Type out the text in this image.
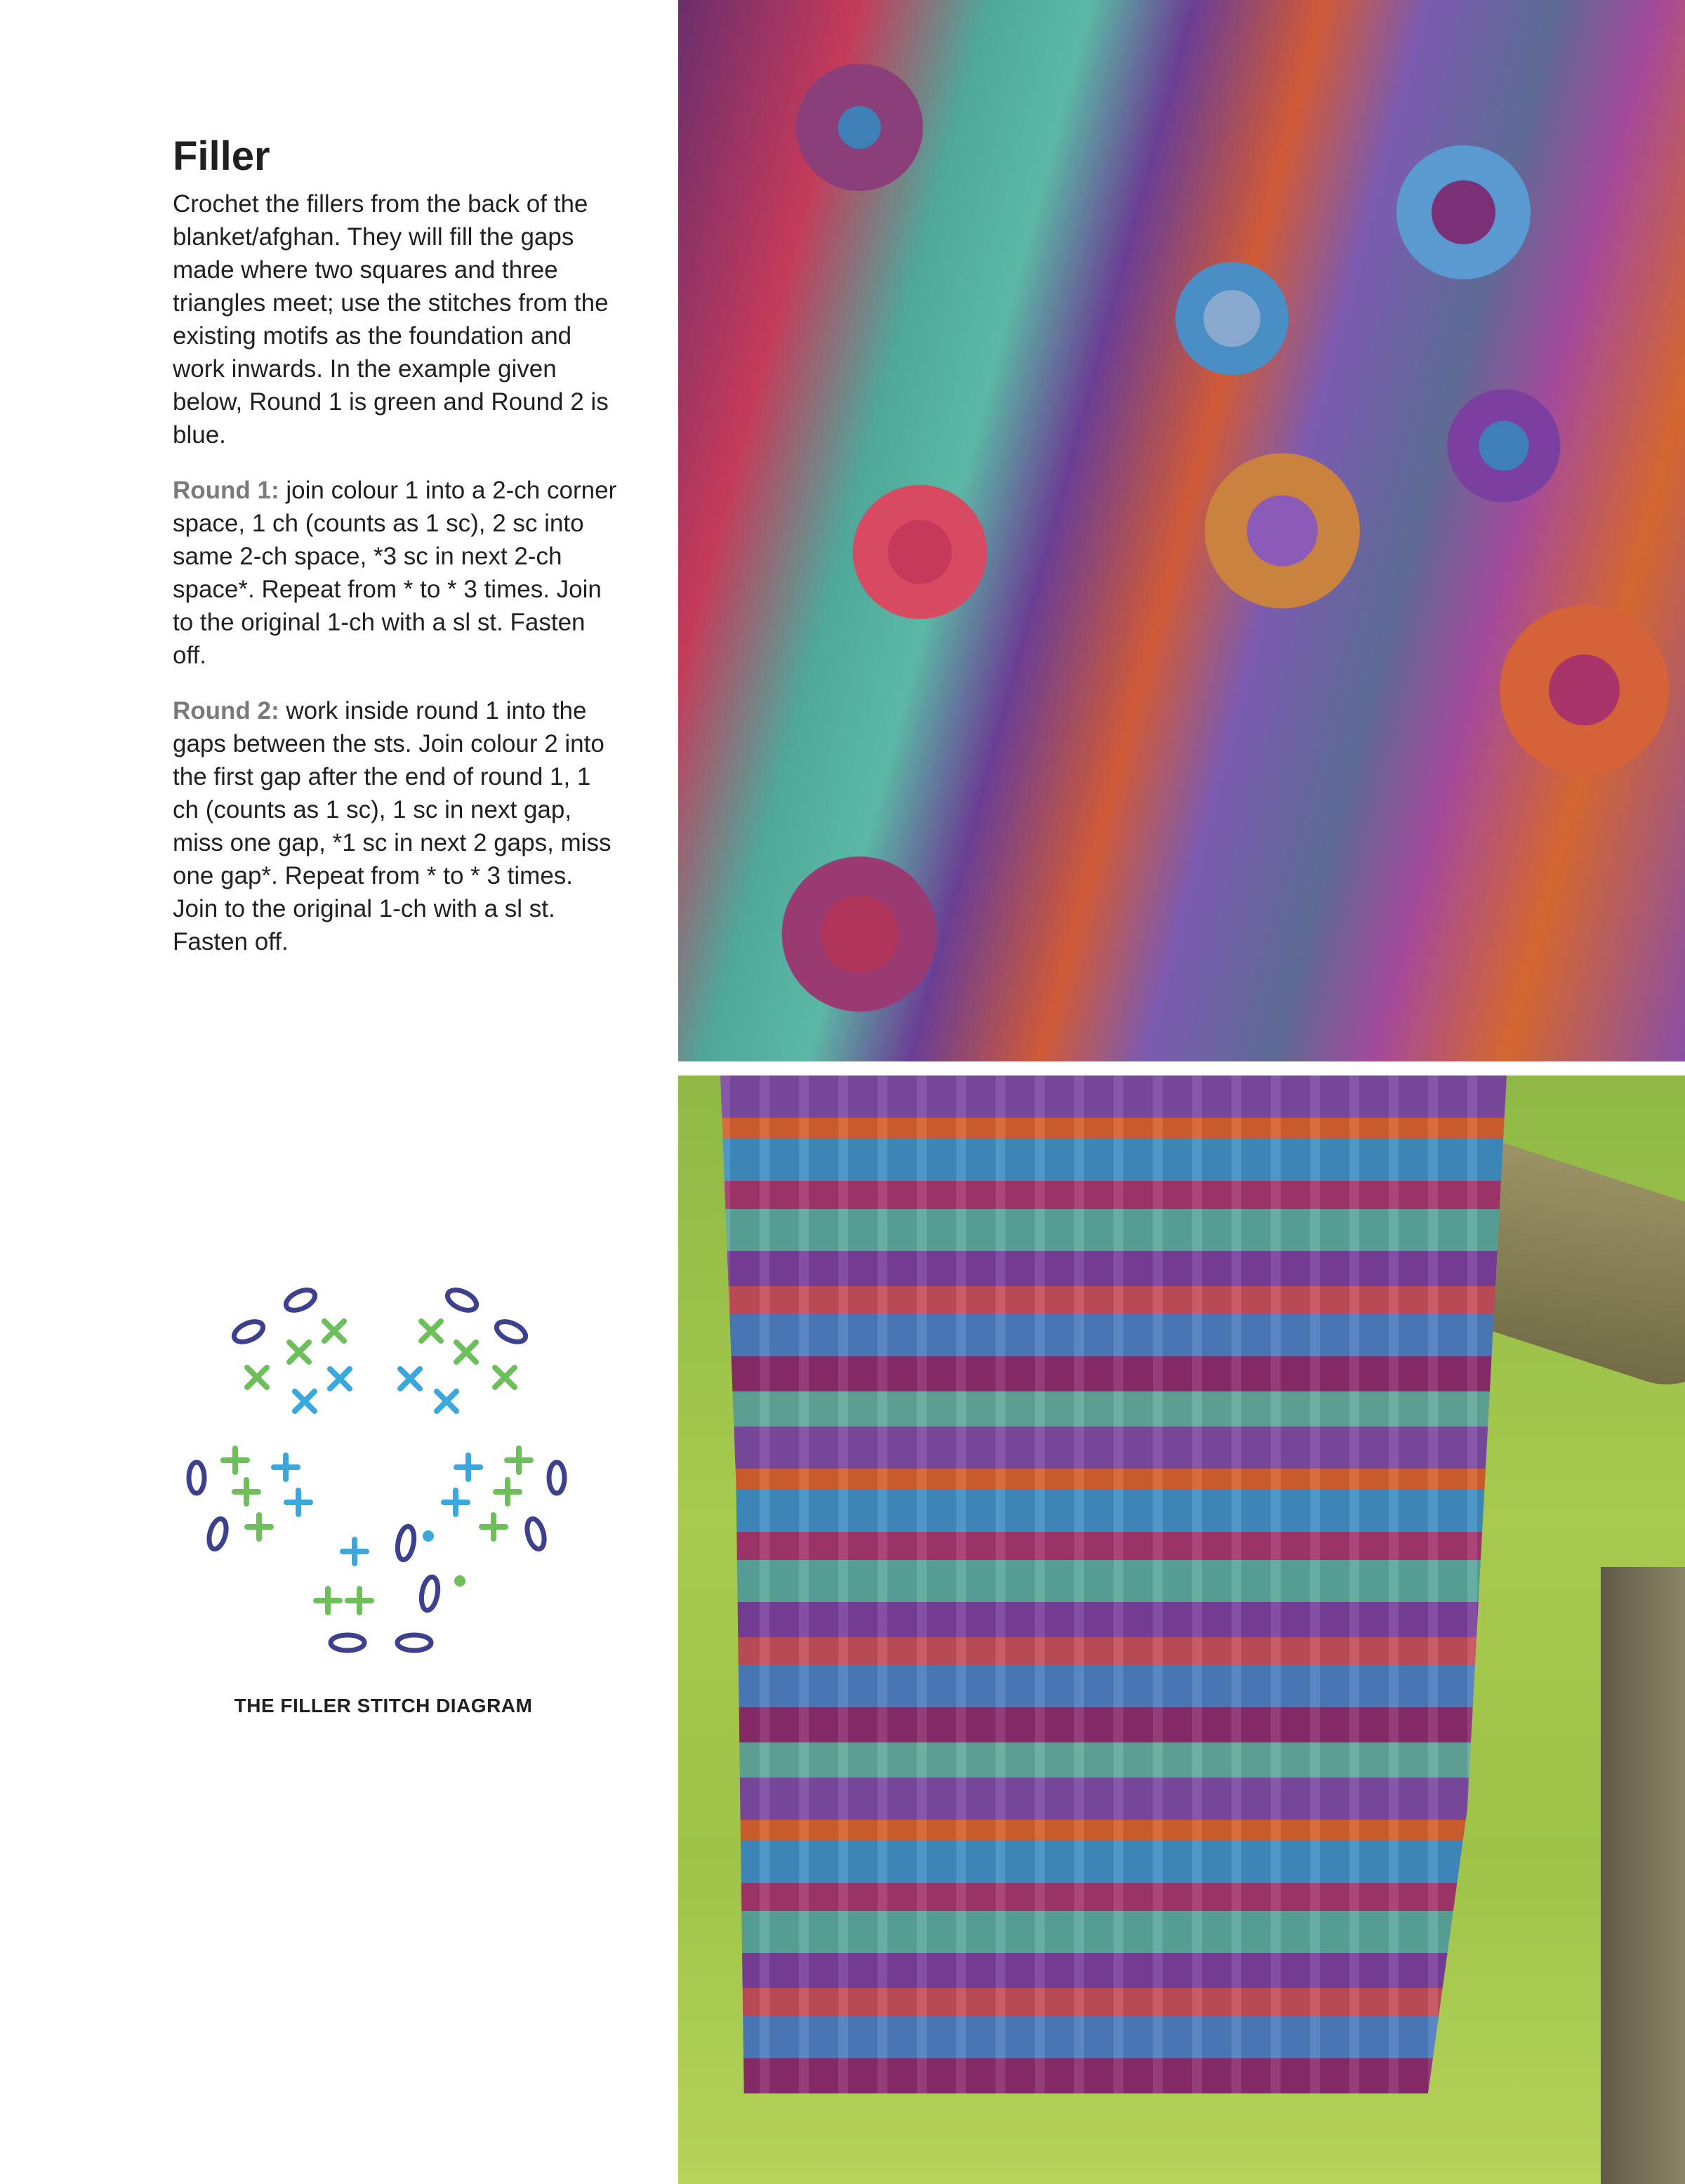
Filler

Crochet the fillers from the back of the blanket/afghan. They will fill the gaps made where two squares and three triangles meet; use the stitches from the existing motifs as the foundation and work inwards. In the example given below, Round 1 is green and Round 2 is blue.

Round 1: join colour 1 into a 2-ch corner space, 1 ch (counts as 1 sc), 2 sc into same 2-ch space, *3 sc in next 2-ch space*. Repeat from * to * 3 times. Join to the original 1-ch with a sl st. Fasten off.

Round 2: work inside round 1 into the gaps between the sts. Join colour 2 into the first gap after the end of round 1, 1 ch (counts as 1 sc), 1 sc in next gap, miss one gap, *1 sc in next 2 gaps, miss one gap*. Repeat from * to * 3 times. Join to the original 1-ch with a sl st. Fasten off.

THE FILLER STITCH DIAGRAM
